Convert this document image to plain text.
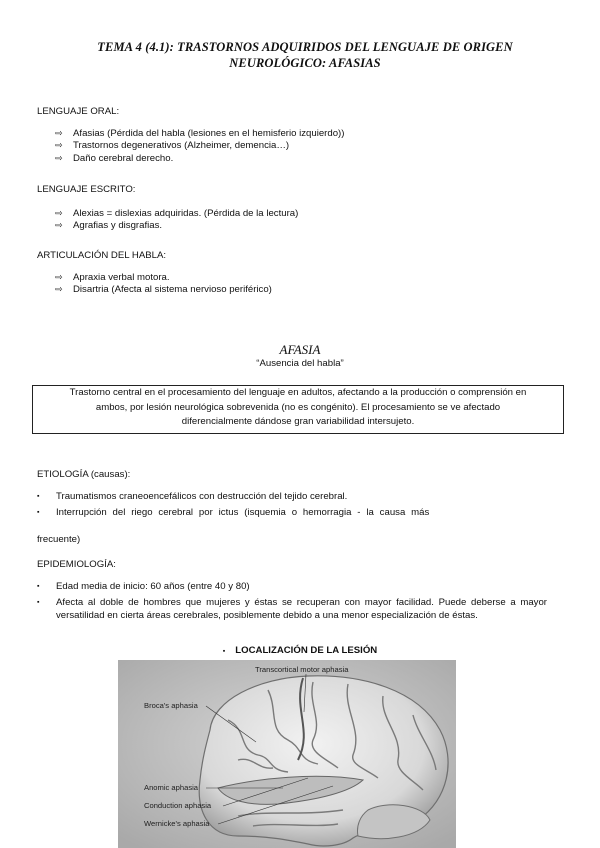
TEMA 4 (4.1): TRASTORNOS ADQUIRIDOS DEL LENGUAJE DE ORIGEN
NEUROLÓGICO: AFASIAS
LENGUAJE ORAL:
⇨ Afasias (Pérdida del habla (lesiones en el hemisferio izquierdo))
⇨ Trastornos degenerativos (Alzheimer, demencia…)
⇨ Daño cerebral derecho.
LENGUAJE ESCRITO:
⇨ Alexias = dislexias adquiridas. (Pérdida de la lectura)
⇨ Agrafias y disgrafias.
ARTICULACIÓN DEL HABLA:
⇨ Apraxia verbal motora.
⇨ Disartria (Afecta al sistema nervioso periférico)
AFASIA
“Ausencia del habla”
Trastorno central en el procesamiento del lenguaje en adultos, afectando a la producción o comprensión en
ambos, por lesión neurológica sobrevenida (no es congénito). El procesamiento se ve afectado
diferencialmente dándose gran variabilidad intersujeto.
ETIOLOGÍA (causas):
▪ Traumatismos craneoencefálicos con destrucción del tejido cerebral.
▪ Interrupción del riego cerebral por ictus (isquemia o hemorragia - la causa más
frecuente)
EPIDEMIOLOGÍA:
▪ Edad media de inicio: 60 años (entre 40 y 80)
▪ Afecta al doble de hombres que mujeres y éstas se recuperan con mayor facilidad. Puede deberse a mayor versatilidad en cierta áreas cerebrales, posiblemente debido a una menor especialización de éstas.
▪ LOCALIZACIÓN DE LA LESIÓN
Transcortical motor aphasia
Broca's aphasia
Anomic aphasia
Conduction aphasia
Wernicke's aphasia
